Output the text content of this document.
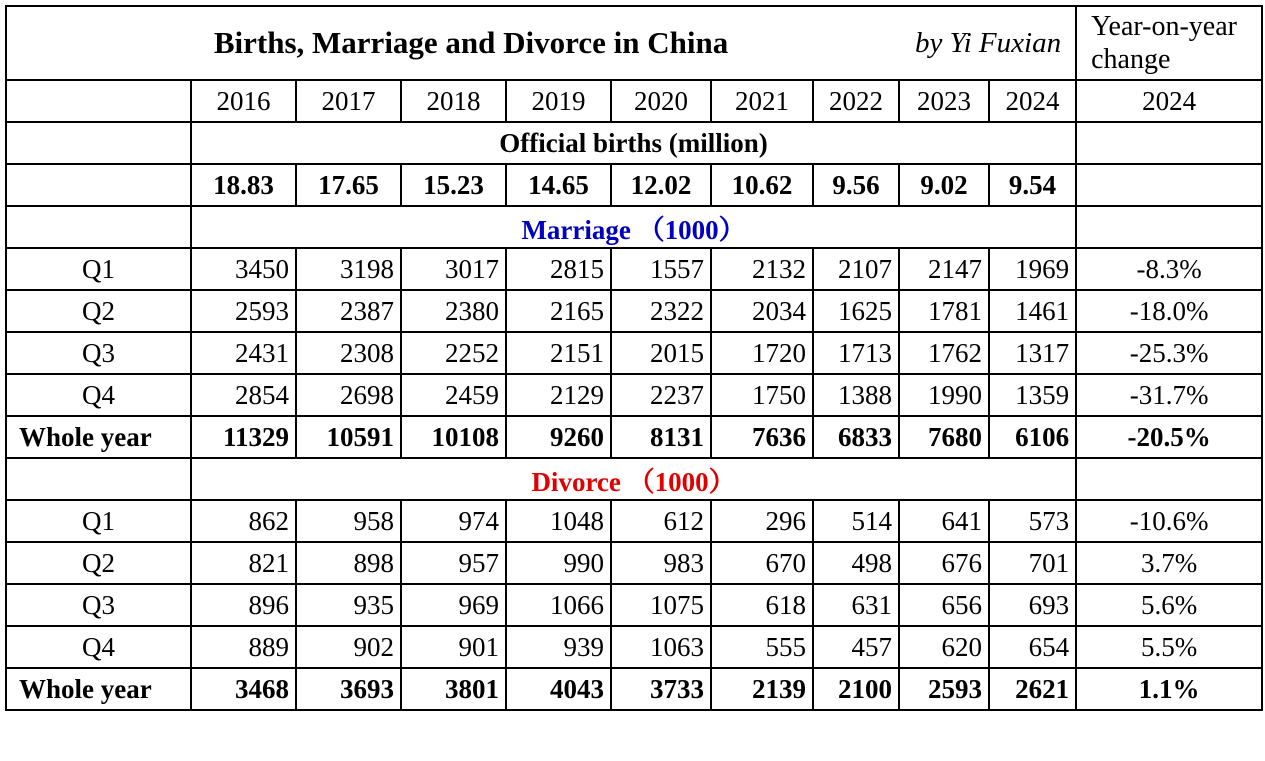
Births, Marriage and Divorce in China by Yi Fuxian										Year-on-year change
	2016	2017	2018	2019	2020	2021	2022	2023	2024	2024
	Official births (million)									
	18.83	17.65	15.23	14.65	12.02	10.62	9.56	9.02	9.54	
	Marriage （1000）									
Q1	3450	3198	3017	2815	1557	2132	2107	2147	1969	-8.3%
Q2	2593	2387	2380	2165	2322	2034	1625	1781	1461	-18.0%
Q3	2431	2308	2252	2151	2015	1720	1713	1762	1317	-25.3%
Q4	2854	2698	2459	2129	2237	1750	1388	1990	1359	-31.7%
Whole year	11329	10591	10108	9260	8131	7636	6833	7680	6106	-20.5%
	Divorce （1000）									
Q1	862	958	974	1048	612	296	514	641	573	-10.6%
Q2	821	898	957	990	983	670	498	676	701	3.7%
Q3	896	935	969	1066	1075	618	631	656	693	5.6%
Q4	889	902	901	939	1063	555	457	620	654	5.5%
Whole year	3468	3693	3801	4043	3733	2139	2100	2593	2621	1.1%
